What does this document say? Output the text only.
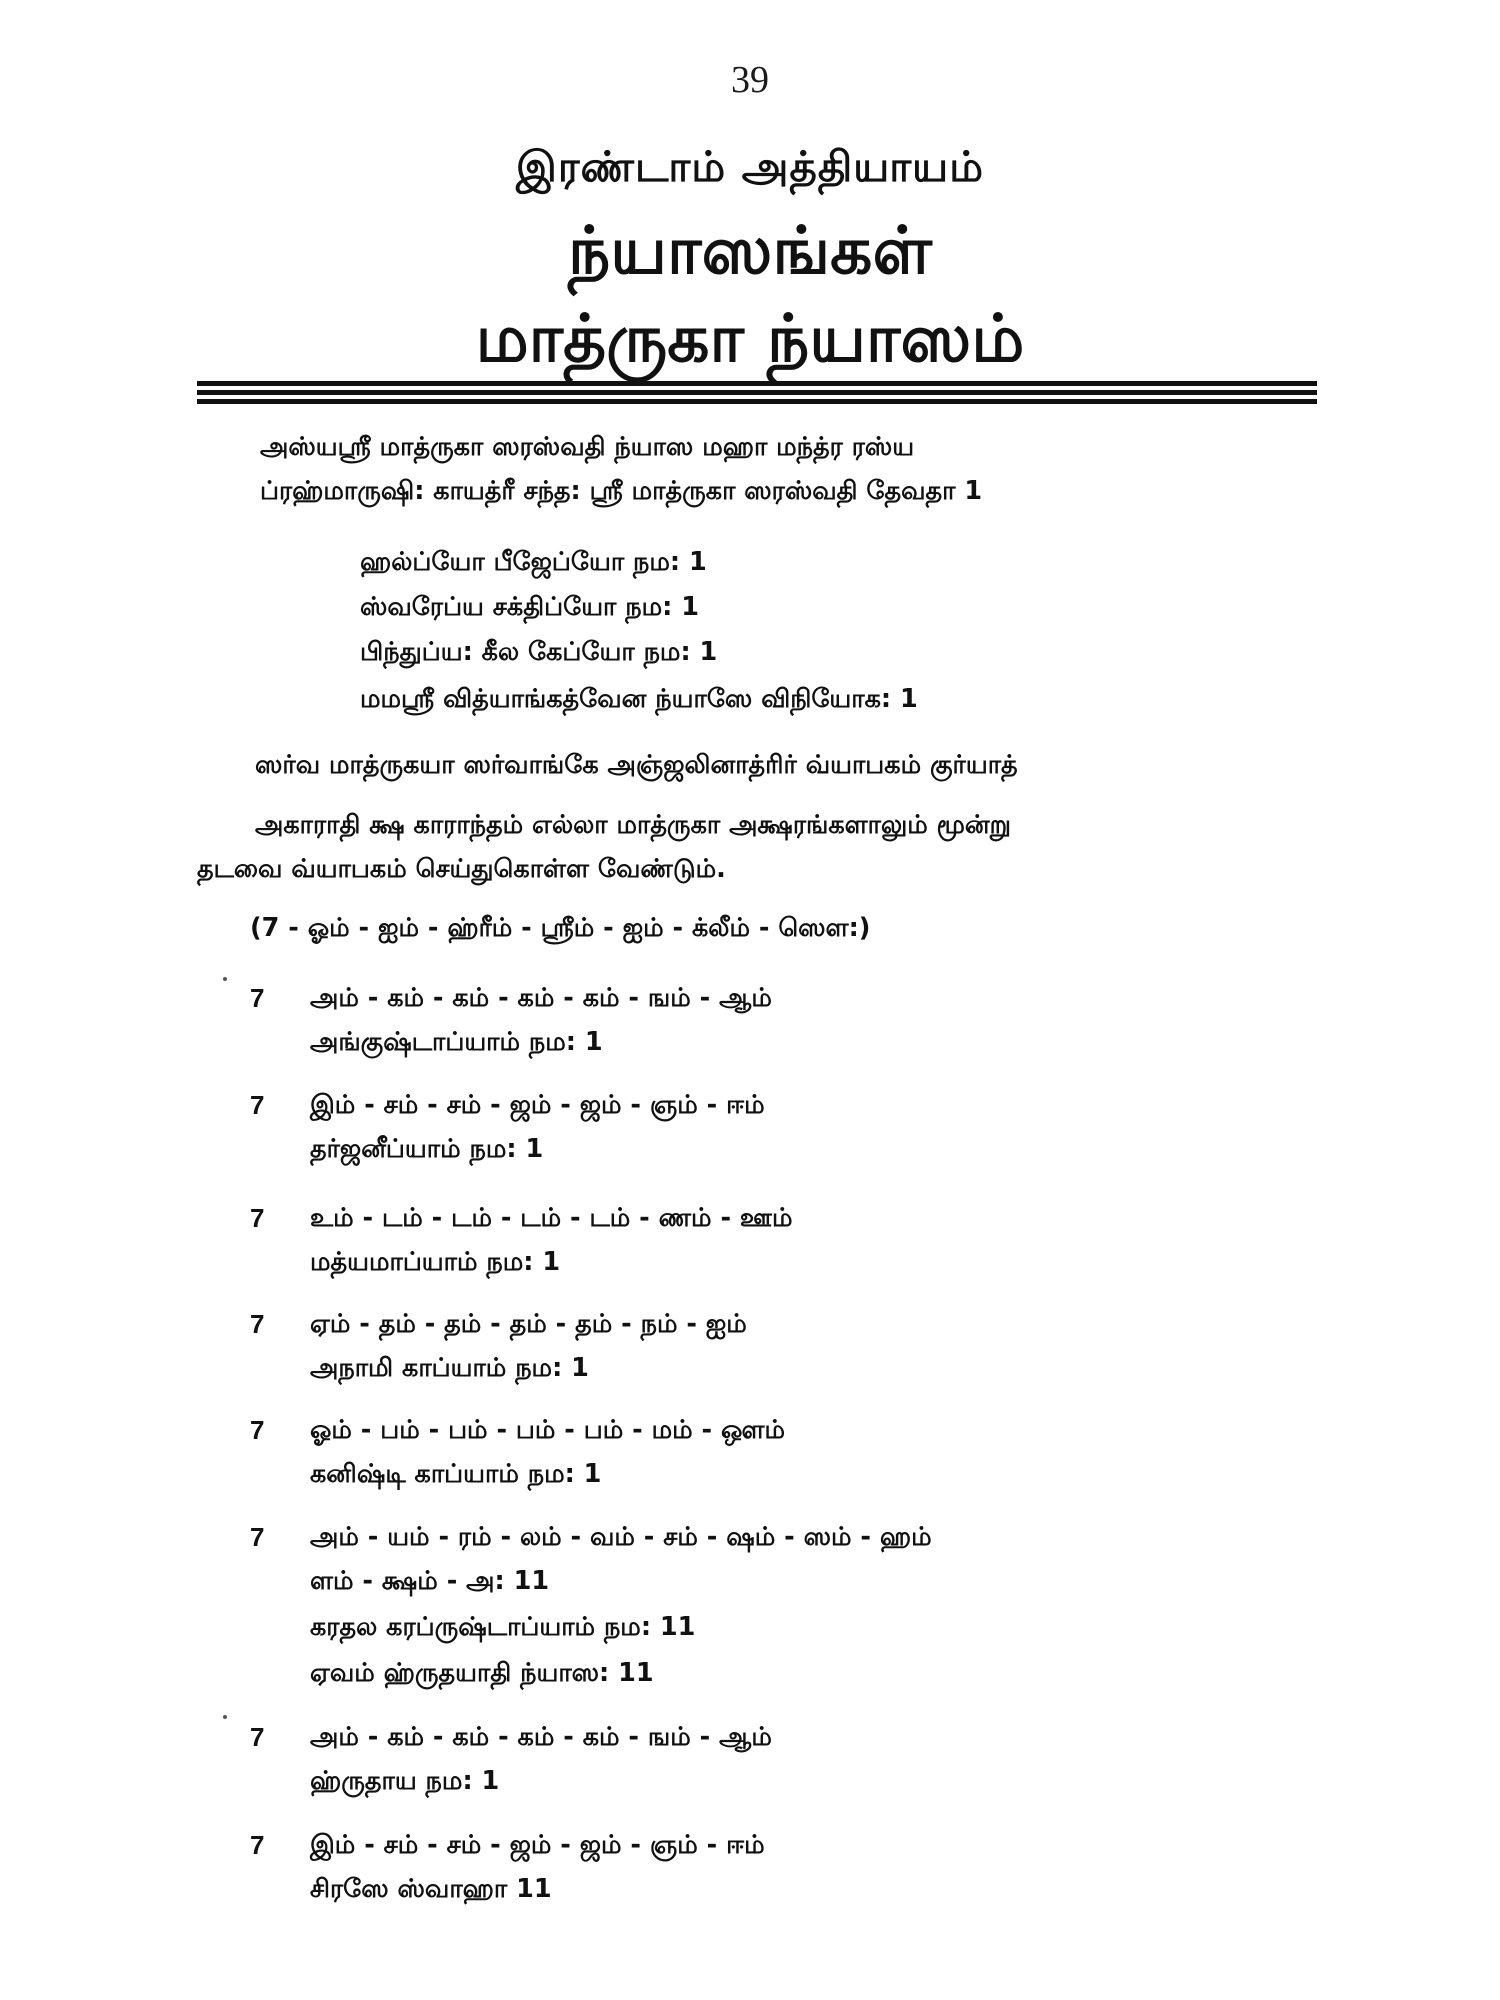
39
இரண்டாம் அத்தியாயம்
ந்யாஸங்கள்
மாத்ருகா ந்யாஸம்
அஸ்யஸ்ரீ மாத்ருகா ஸரஸ்வதி ந்யாஸ மஹா மந்த்ர ரஸ்ய
ப்ரஹ்மாருஷி: காயத்ரீ சந்த: ஸ்ரீ மாத்ருகா ஸரஸ்வதி தேவதா 1
ஹல்ப்யோ பீஜேப்யோ நம: 1
ஸ்வரேப்ய சக்திப்யோ நம: 1
பிந்துப்ய: கீல கேப்யோ நம: 1
மமஸ்ரீ வித்யாங்கத்வேன ந்யாஸே விநியோக: 1
ஸர்வ மாத்ருகயா ஸர்வாங்கே அஞ்ஜலினாத்ரிர் வ்யாபகம் குர்யாத்
அகாராதி க்ஷ காராந்தம் எல்லா மாத்ருகா அக்ஷரங்களாலும் மூன்று
தடவை வ்யாபகம் செய்துகொள்ள வேண்டும்.
(7 - ஓம் - ஐம் - ஹ்ரீம் - ஸ்ரீம் - ஐம் - க்லீம் - ஸௌ:)
7 அம் - கம் - கம் - கம் - கம் - ஙம் - ஆம்
அங்குஷ்டாப்யாம் நம: 1
7 இம் - சம் - சம் - ஜம் - ஜம் - ஞம் - ஈம்
தர்ஜனீப்யாம் நம: 1
7 உம் - டம் - டம் - டம் - டம் - ணம் - ஊம்
மத்யமாப்யாம் நம: 1
7 ஏம் - தம் - தம் - தம் - தம் - நம் - ஐம்
அநாமி காப்யாம் நம: 1
7 ஓம் - பம் - பம் - பம் - பம் - மம் - ஔம்
கனிஷ்டி காப்யாம் நம: 1
7 அம் - யம் - ரம் - லம் - வம் - சம் - ஷம் - ஸம் - ஹம்
ளம் - க்ஷம் - அ: 11
கரதல கரப்ருஷ்டாப்யாம் நம: 11
ஏவம் ஹ்ருதயாதி ந்யாஸ: 11
7 அம் - கம் - கம் - கம் - கம் - ஙம் - ஆம்
ஹ்ருதாய நம: 1
7 இம் - சம் - சம் - ஜம் - ஜம் - ஞம் - ஈம்
சிரஸே ஸ்வாஹா 11
